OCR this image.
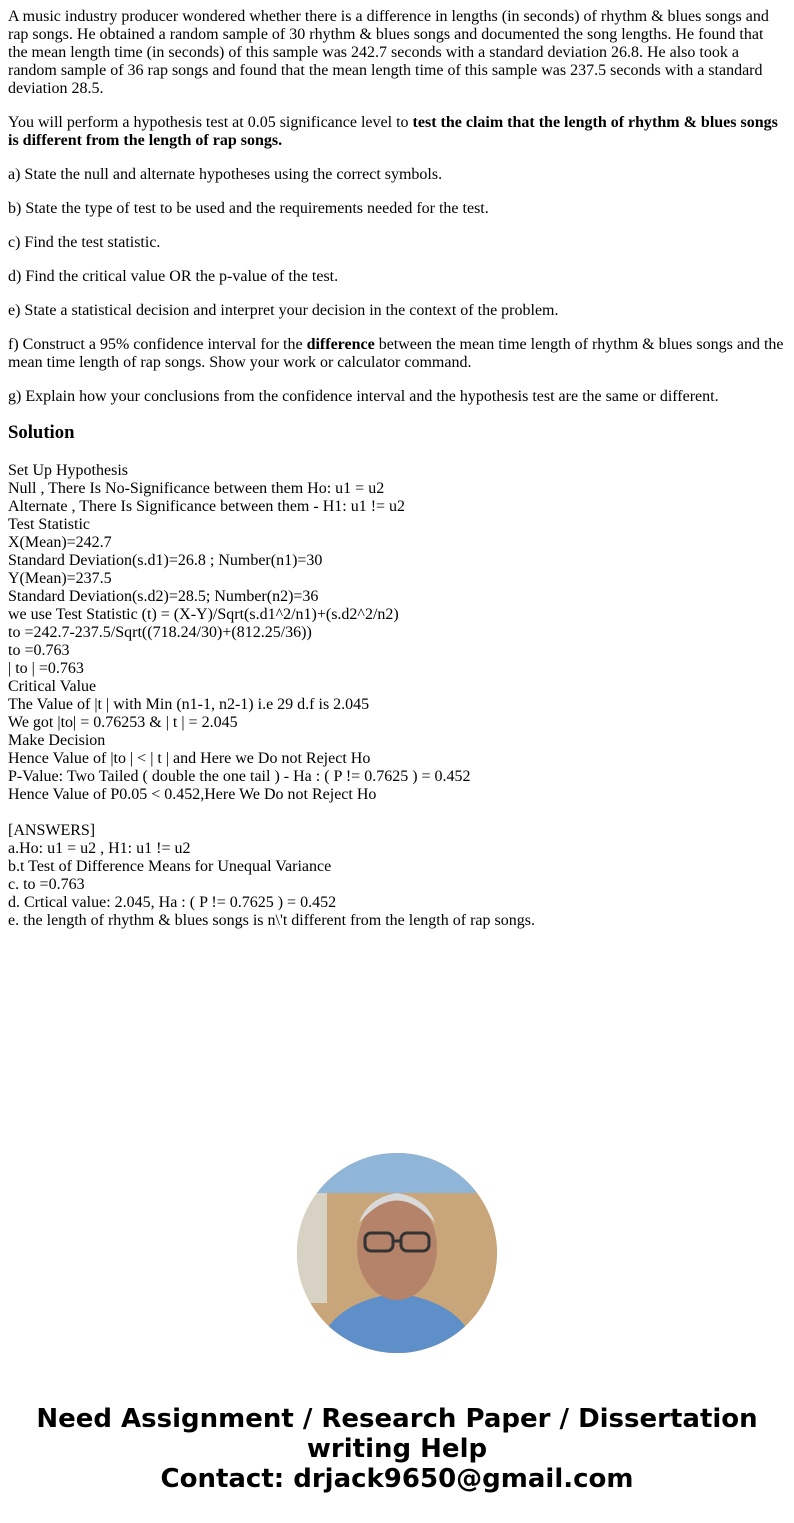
A music industry producer wondered whether there is a difference in lengths (in seconds) of rhythm & blues songs and rap songs. He obtained a random sample of 30 rhythm & blues songs and documented the song lengths. He found that the mean length time (in seconds) of this sample was 242.7 seconds with a standard deviation 26.8. He also took a random sample of 36 rap songs and found that the mean length time of this sample was 237.5 seconds with a standard deviation 28.5.

You will perform a hypothesis test at 0.05 significance level to test the claim that the length of rhythm & blues songs is different from the length of rap songs.

a) State the null and alternate hypotheses using the correct symbols.

b) State the type of test to be used and the requirements needed for the test.

c) Find the test statistic.

d) Find the critical value OR the p-value of the test.

e) State a statistical decision and interpret your decision in the context of the problem.

f) Construct a 95% confidence interval for the difference between the mean time length of rhythm & blues songs and the mean time length of rap songs. Show your work or calculator command.

g) Explain how your conclusions from the confidence interval and the hypothesis test are the same or different.

Solution
Set Up Hypothesis
Null , There Is No-Significance between them Ho: u1 = u2
Alternate , There Is Significance between them - H1: u1 != u2
Test Statistic
X(Mean)=242.7
Standard Deviation(s.d1)=26.8 ; Number(n1)=30
Y(Mean)=237.5
Standard Deviation(s.d2)=28.5; Number(n2)=36
we use Test Statistic (t) = (X-Y)/Sqrt(s.d1^2/n1)+(s.d2^2/n2)
to =242.7-237.5/Sqrt((718.24/30)+(812.25/36))
to =0.763
| to | =0.763
Critical Value
The Value of |t | with Min (n1-1, n2-1) i.e 29 d.f is 2.045
We got |to| = 0.76253 & | t | = 2.045
Make Decision
Hence Value of |to | < | t | and Here we Do not Reject Ho
P-Value: Two Tailed ( double the one tail ) - Ha : ( P != 0.7625 ) = 0.452
Hence Value of P0.05 < 0.452,Here We Do not Reject Ho
[ANSWERS]
a.Ho: u1 = u2 , H1: u1 != u2
b.t Test of Difference Means for Unequal Variance
c. to =0.763
d. Crtical value: 2.045, Ha : ( P != 0.7625 ) = 0.452
e. the length of rhythm & blues songs is n\'t different from the length of rap songs.
Need Assignment / Research Paper / Dissertation
writing Help
Contact: drjack9650@gmail.com
